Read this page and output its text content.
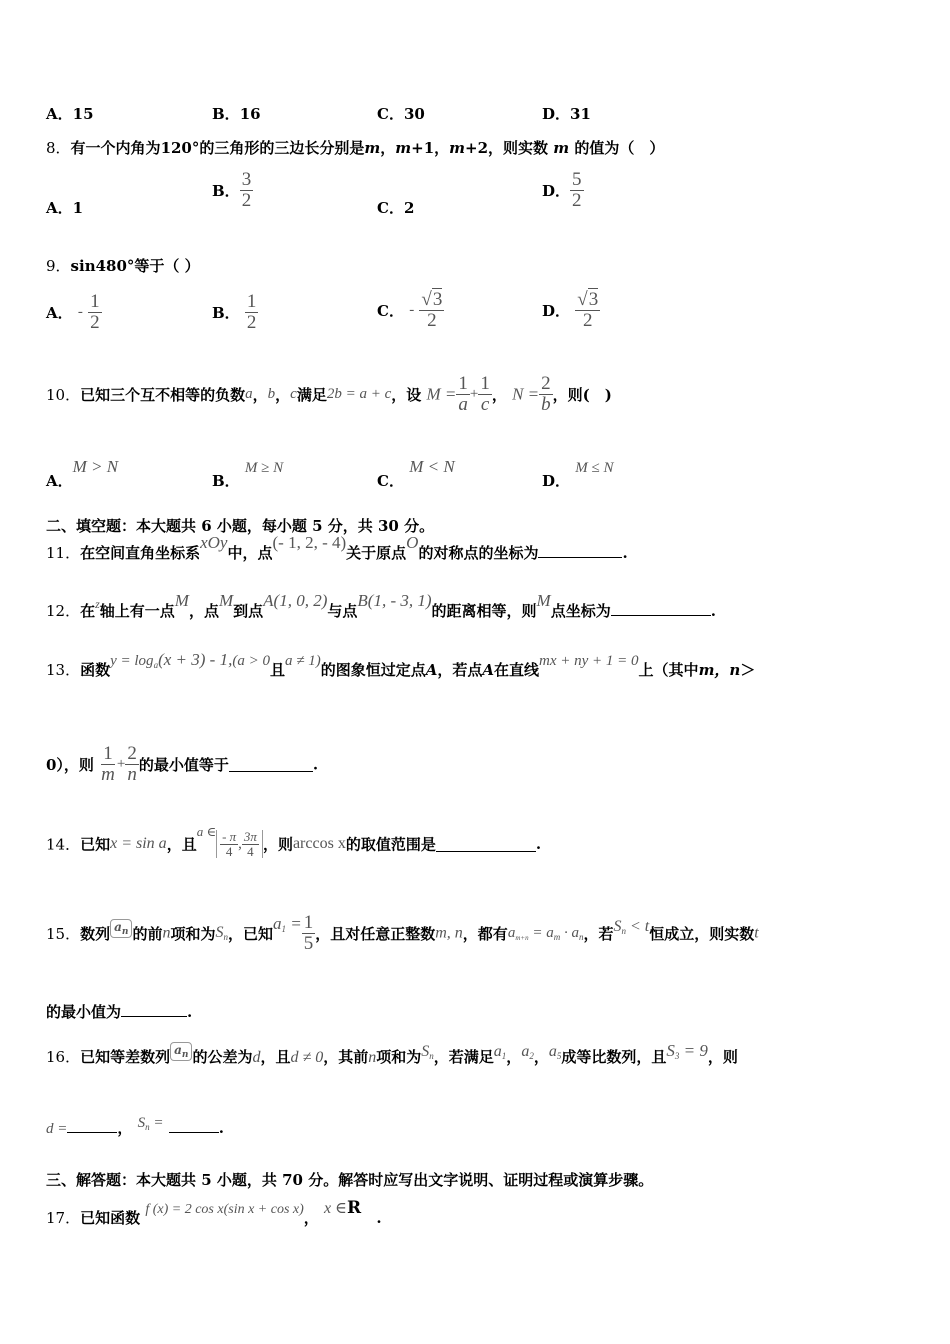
A．15	B．16	C．30	D．31
8．有一个内角为120°的三角形的三边长分别是m，m+1，m+2，则实数 m 的值为（　）
A．1
B． $\frac{3}{2}$	C．2
D． $\frac{5}{2}$
9．sin480°等于（ ）
A． - $\frac{1}{2}$	B． $\frac{1}{2}$	C． - $\frac{√3}{2}$	D． $\frac{√3}{2}$
10．已知三个互不相等的负数a，b，c满足2b = a + c，设 $M = \frac{1}{a} + \frac{1}{c}$ ， $N = \frac{2}{b}$ ，则(　)
A．M > N
B． M ≥ N
C． M < N
D． M ≤ N
二、填空题：本大题共 6 小题，每小题 5 分，共 30 分。
11．在空间直角坐标系xOy中，点(- 1, 2, - 4)关于原点O的对称点的坐标为	.
12．在$^z$轴上有一点M，点M到点A(1, 0, 2)与点B(1, - 3, 1)的距离相等，则M点坐标为	.
13．函数$y = \log_a(x + 3) - 1,(a > 0$且a ≠ 1)的图象恒过定点A，若点A在直线mx + ny + 1 = 0上（其中m，n＞
0），则 $\frac{1}{m} + \frac{2}{n}$ 的最小值等于	.
14．已知x = sin a，且a ∈ $\frac{- \pi}{4}$ , $\frac{3\pi}{4}$ ，则arccos x的取值范围是	.
15．数列 $a_n$ 的前n项和为$S_n$，已知$a_1 = \frac{1}{5}$ ，且对任意正整数m, n，都有$a_{m+n} = a_m \cdot a_n$，若$S_n < t$恒成立，则实数t
的最小值为	.
16．已知等差数列 $a_n$ 的公差为d，且d ≠ 0，其前n项和为$S_n$，若满足$a_1$，$a_2$，$a_5$成等比数列，且$S_3 = 9$，则
d =	， $S_n$ =	.
三、解答题：本大题共 5 小题，共 70 分。解答时应写出文字说明、证明过程或演算步骤。
17．已知函数 f (x) = 2 cos x(sin x + cos x)， x ∈R .
